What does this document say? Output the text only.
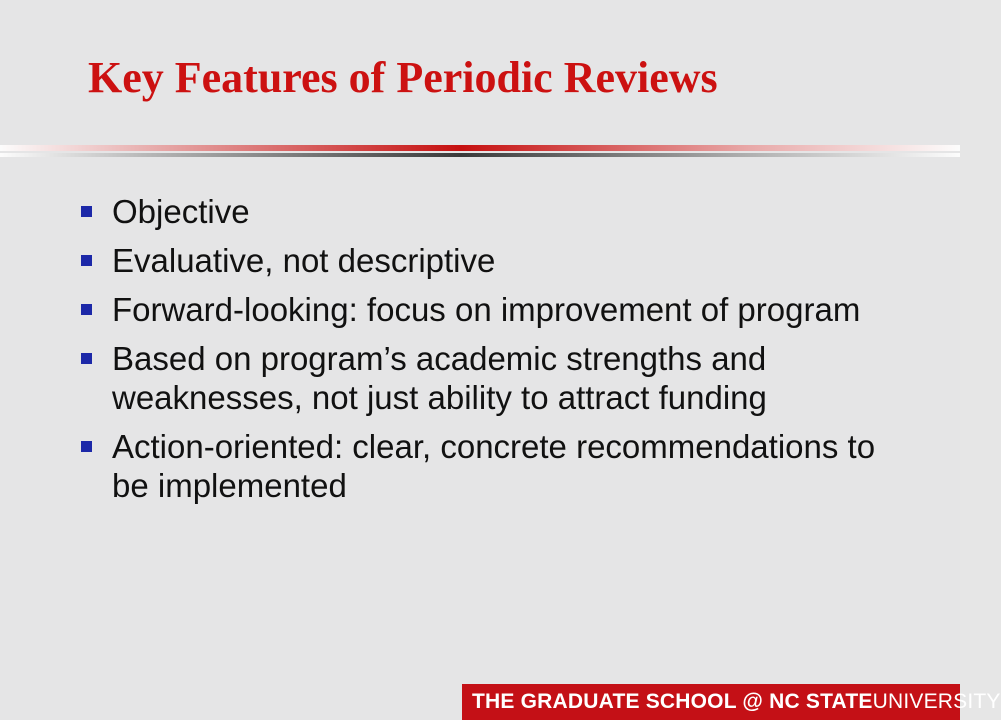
Key Features of Periodic Reviews
Objective
Evaluative, not descriptive
Forward-looking: focus on improvement of program
Based on program’s academic strengths and weaknesses, not just ability to attract funding
Action-oriented: clear, concrete recommendations to be implemented
THE GRADUATE SCHOOL @ NC STATE UNIVERSITY
